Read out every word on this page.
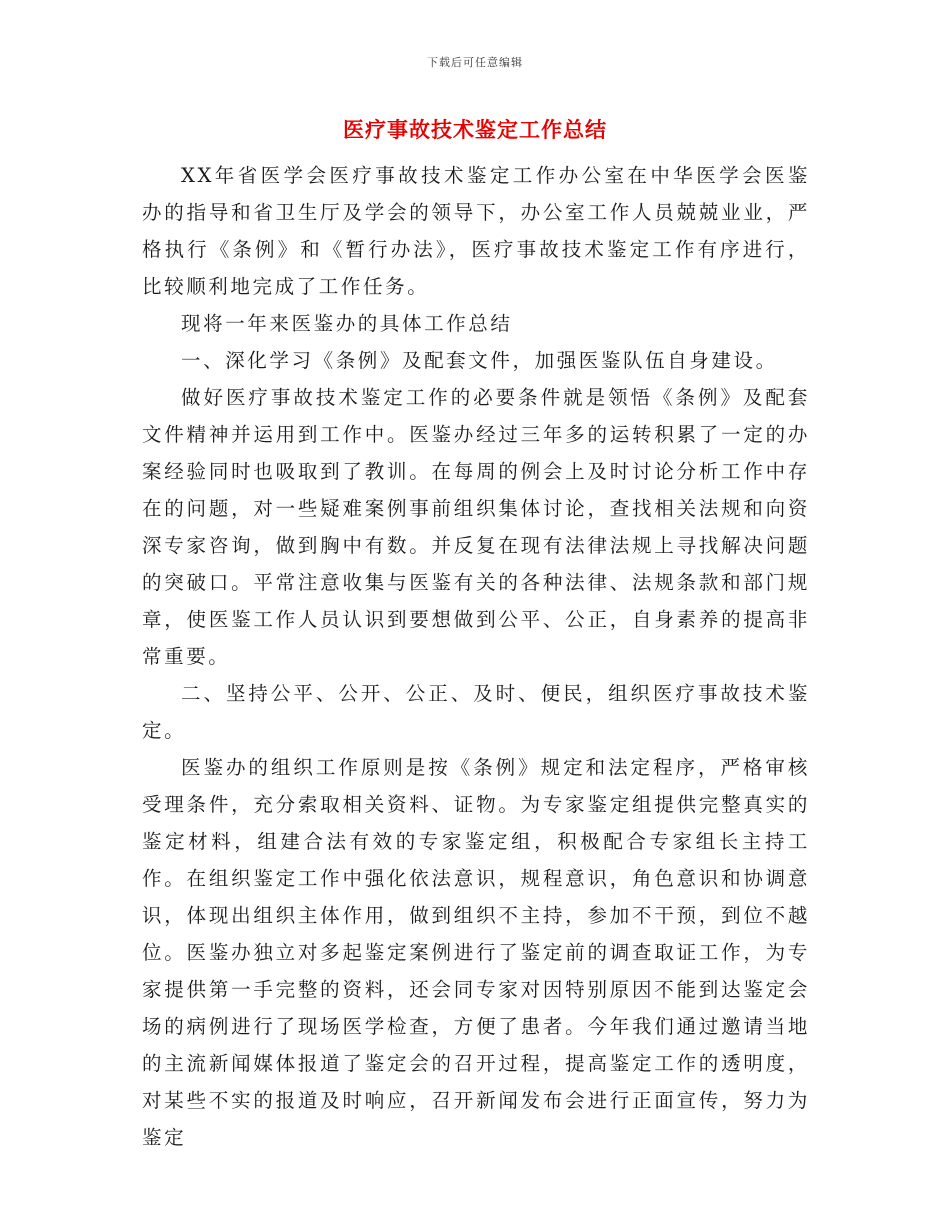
下载后可任意编辑
医疗事故技术鉴定工作总结

XX年省医学会医疗事故技术鉴定工作办公室在中华医学会医鉴办的指导和省卫生厅及学会的领导下，办公室工作人员兢兢业业，严格执行《条例》和《暂行办法》，医疗事故技术鉴定工作有序进行，比较顺利地完成了工作任务。

现将一年来医鉴办的具体工作总结

一、深化学习《条例》及配套文件，加强医鉴队伍自身建设。

做好医疗事故技术鉴定工作的必要条件就是领悟《条例》及配套文件精神并运用到工作中。医鉴办经过三年多的运转积累了一定的办案经验同时也吸取到了教训。在每周的例会上及时讨论分析工作中存在的问题，对一些疑难案例事前组织集体讨论，查找相关法规和向资深专家咨询，做到胸中有数。并反复在现有法律法规上寻找解决问题的突破口。平常注意收集与医鉴有关的各种法律、法规条款和部门规章，使医鉴工作人员认识到要想做到公平、公正，自身素养的提高非常重要。

二、坚持公平、公开、公正、及时、便民，组织医疗事故技术鉴定。

医鉴办的组织工作原则是按《条例》规定和法定程序，严格审核受理条件，充分索取相关资料、证物。为专家鉴定组提供完整真实的鉴定材料，组建合法有效的专家鉴定组，积极配合专家组长主持工作。在组织鉴定工作中强化依法意识，规程意识，角色意识和协调意识，体现出组织主体作用，做到组织不主持，参加不干预，到位不越位。医鉴办独立对多起鉴定案例进行了鉴定前的调查取证工作，为专家提供第一手完整的资料，还会同专家对因特别原因不能到达鉴定会场的病例进行了现场医学检查，方便了患者。今年我们通过邀请当地的主流新闻媒体报道了鉴定会的召开过程，提高鉴定工作的透明度，对某些不实的报道及时响应，召开新闻发布会进行正面宣传，努力为鉴定
